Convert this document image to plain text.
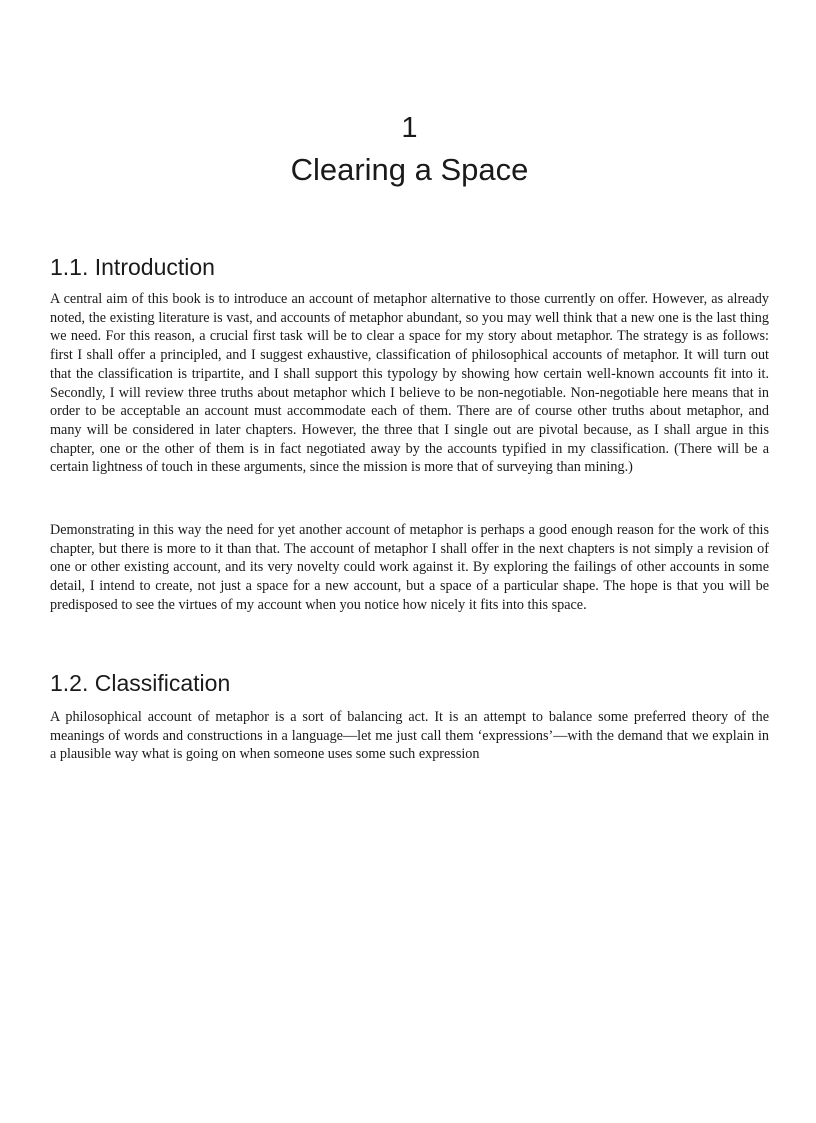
1
Clearing a Space
1.1. Introduction

A central aim of this book is to introduce an account of metaphor alternative to those currently on offer. However, as already noted, the existing literature is vast, and accounts of metaphor abundant, so you may well think that a new one is the last thing we need. For this reason, a crucial first task will be to clear a space for my story about metaphor. The strategy is as follows: first I shall offer a principled, and I suggest exhaustive, classification of philosophical accounts of metaphor. It will turn out that the classification is tripartite, and I shall support this typology by showing how certain well-known accounts fit into it. Secondly, I will review three truths about metaphor which I believe to be non-negotiable. Non-negotiable here means that in order to be acceptable an account must accommodate each of them. There are of course other truths about metaphor, and many will be considered in later chapters. However, the three that I single out are pivotal because, as I shall argue in this chapter, one or the other of them is in fact negotiated away by the accounts typified in my classification. (There will be a certain lightness of touch in these arguments, since the mission is more that of surveying than mining.)

Demonstrating in this way the need for yet another account of metaphor is perhaps a good enough reason for the work of this chapter, but there is more to it than that. The account of metaphor I shall offer in the next chapters is not simply a revision of one or other existing account, and its very novelty could work against it. By exploring the failings of other accounts in some detail, I intend to create, not just a space for a new account, but a space of a particular shape. The hope is that you will be predisposed to see the virtues of my account when you notice how nicely it fits into this space.

1.2. Classification

A philosophical account of metaphor is a sort of balancing act. It is an attempt to balance some preferred theory of the meanings of words and constructions in a language—let me just call them ‘expressions’—with the demand that we explain in a plausible way what is going on when someone uses some such expression
